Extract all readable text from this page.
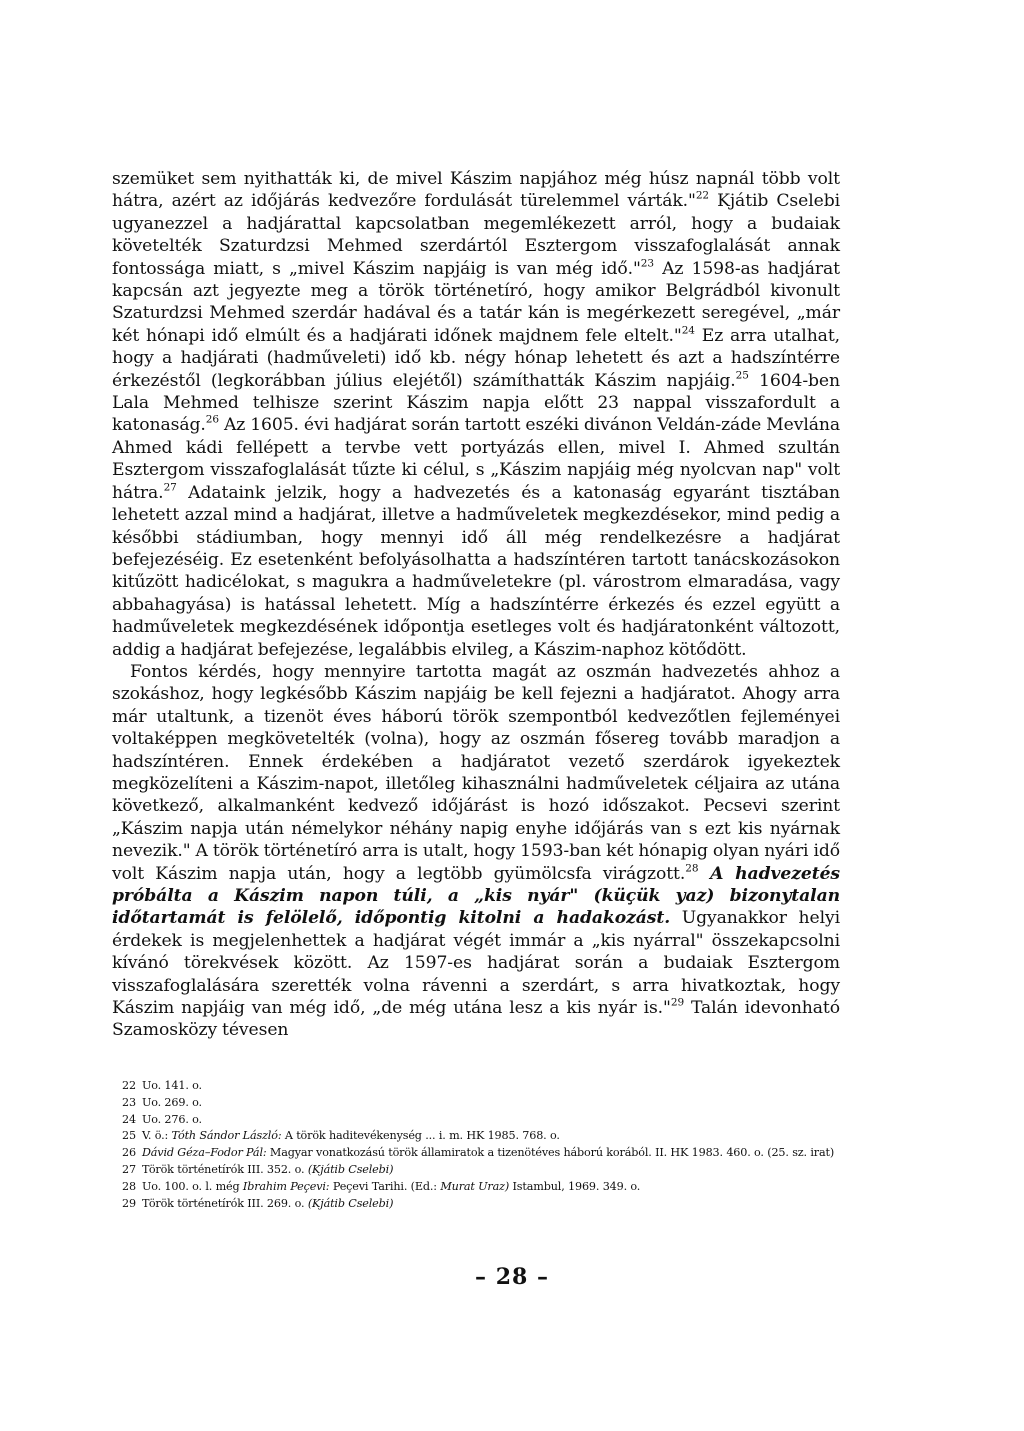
szemüket sem nyithatták ki, de mivel Kászim napjához még húsz napnál több volt hátra, azért az időjárás kedvezőre fordulását türelemmel várták."$^{22}$ Kjátib Cselebi ugyanezzel a hadjárattal kapcsolatban megemlékezett arról, hogy a budaiak követelték Szaturdzsi Mehmed szerdártól Esztergom visszafoglalását annak fontossága miatt, s „mivel Kászim napjáig is van még idő."$^{23}$ Az 1598-as hadjárat kapcsán azt jegyezte meg a török történetíró, hogy amikor Belgrádból kivonult Szaturdzsi Mehmed szerdár hadával és a tatár kán is megérkezett seregével, „már két hónapi idő elmúlt és a hadjárati időnek majdnem fele eltelt."$^{24}$ Ez arra utalhat, hogy a hadjárati (hadműveleti) idő kb. négy hónap lehetett és azt a hadszíntérre érkezéstől (legkorábban július elejétől) számíthatták Kászim napjáig.$^{25}$ 1604-ben Lala Mehmed telhisze szerint Kászim napja előtt 23 nappal visszafordult a katonaság.$^{26}$ Az 1605. évi hadjárat során tartott eszéki divánon Veldán-záde Mevlána Ahmed kádi fellépett a tervbe vett portyázás ellen, mivel I. Ahmed szultán Esztergom visszafoglalását tűzte ki célul, s „Kászim napjáig még nyolcvan nap" volt hátra.$^{27}$ Adataink jelzik, hogy a hadvezetés és a katonaság egyaránt tisztában lehetett azzal mind a hadjárat, illetve a hadműveletek megkezdésekor, mind pedig a későbbi stádiumban, hogy mennyi idő áll még rendelkezésre a hadjárat befejezéséig. Ez esetenként befolyásolhatta a hadszíntéren tartott tanácskozásokon kitűzött hadicélokat, s magukra a hadműveletekre (pl. várostrom elmaradása, vagy abbahagyása) is hatással lehetett. Míg a hadszíntérre érkezés és ezzel együtt a hadműveletek megkezdésének időpontja esetleges volt és hadjáratonként változott, addig a hadjárat befejezése, legalábbis elvileg, a Kászim-naphoz kötődött.

Fontos kérdés, hogy mennyire tartotta magát az oszmán hadvezetés ahhoz a szokáshoz, hogy legkésőbb Kászim napjáig be kell fejezni a hadjáratot. Ahogy arra már utaltunk, a tizenöt éves háború török szempontból kedvezőtlen fejleményei voltaképpen megkövetelték (volna), hogy az oszmán fősereg tovább maradjon a hadszíntéren. Ennek érdekében a hadjáratot vezető szerdárok igyekeztek megközelíteni a Kászim-napot, illetőleg kihasználni hadműveletek céljaira az utána következő, alkalmanként kedvező időjárást is hozó időszakot. Pecsevi szerint „Kászim napja után némelykor néhány napig enyhe időjárás van s ezt kis nyárnak nevezik." A török történetíró arra is utalt, hogy 1593-ban két hónapig olyan nyári idő volt Kászim napja után, hogy a legtöbb gyümölcsfa virágzott.$^{28}$ A hadvezetés próbálta a Kászim napon túli, a „kis nyár" (küçük yaz) bizonytalan időtartamát is felölelő, időpontig kitolni a hadakozást. Ugyanakkor helyi érdekek is megjelenhettek a hadjárat végét immár a „kis nyárral" összekapcsolni kívánó törekvések között. Az 1597-es hadjárat során a budaiak Esztergom visszafoglalására szerették volna rávenni a szerdárt, s arra hivatkoztak, hogy Kászim napjáig van még idő, „de még utána lesz a kis nyár is."$^{29}$ Talán idevonható Szamosközy tévesen

22 Uo. 141. o.
23 Uo. 269. o.
24 Uo. 276. o.
25 V. ö.: Tóth Sándor László: A török haditevékenység ... i. m. HK 1985. 768. o.
26 Dávid Géza–Fodor Pál: Magyar vonatkozású török államiratok a tizenötéves háború korából. II. HK 1983. 460. o. (25. sz. irat)
27 Török történetírók III. 352. o. (Kjátib Cselebi)
28 Uo. 100. o. l. még Ibrahim Peçevi: Peçevi Tarihi. (Ed.: Murat Uraz) Istambul, 1969. 349. o.
29 Török történetírók III. 269. o. (Kjátib Cselebi)
– 28 –
